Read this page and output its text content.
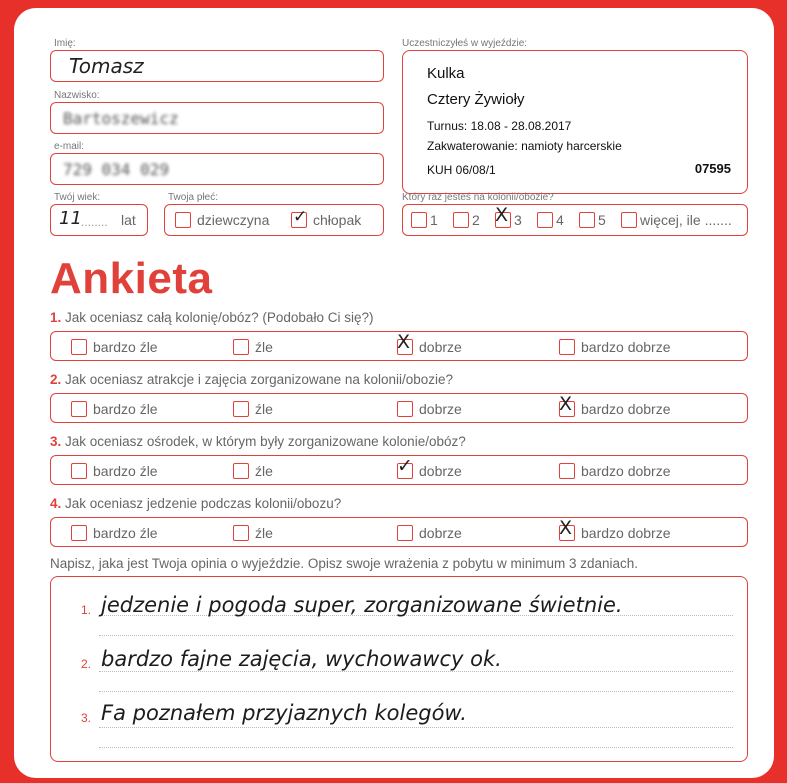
Imię:
Tomasz
Nazwisko:
Bartoszewicz
e-mail:
729 034 029
Twój wiek:
11 ........ lat
Twoja płeć:
dziewczyna ✓ chłopak
Uczestniczyłeś w wyjeździe:
Kulka
Cztery Żywioły
Turnus: 18.08 - 28.08.2017
Zakwaterowanie: namioty harcerskie
KUH 06/08/1	07595
Który raz jesteś na kolonii/obozie?
1	2 X 3	4	5	więcej, ile .......
Ankieta
1. Jak oceniasz całą kolonię/obóz? (Podobało Ci się?)
bardzo źle	źle	X dobrze	bardzo dobrze
2. Jak oceniasz atrakcje i zajęcia zorganizowane na kolonii/obozie?
bardzo źle	źle	dobrze	X bardzo dobrze
3. Jak oceniasz ośrodek, w którym były zorganizowane kolonie/obóz?
bardzo źle	źle	✓ dobrze	bardzo dobrze
4. Jak oceniasz jedzenie podczas kolonii/obozu?
bardzo źle	źle	dobrze	X bardzo dobrze
Napisz, jaka jest Twoja opinia o wyjeździe. Opisz swoje wrażenia z pobytu w minimum 3 zdaniach.
1. jedzenie i pogoda super, zorganizowane świetnie.
2. bardzo fajne zajęcia, wychowawcy ok.
3. Fa poznałem przyjaznych kolegów.
